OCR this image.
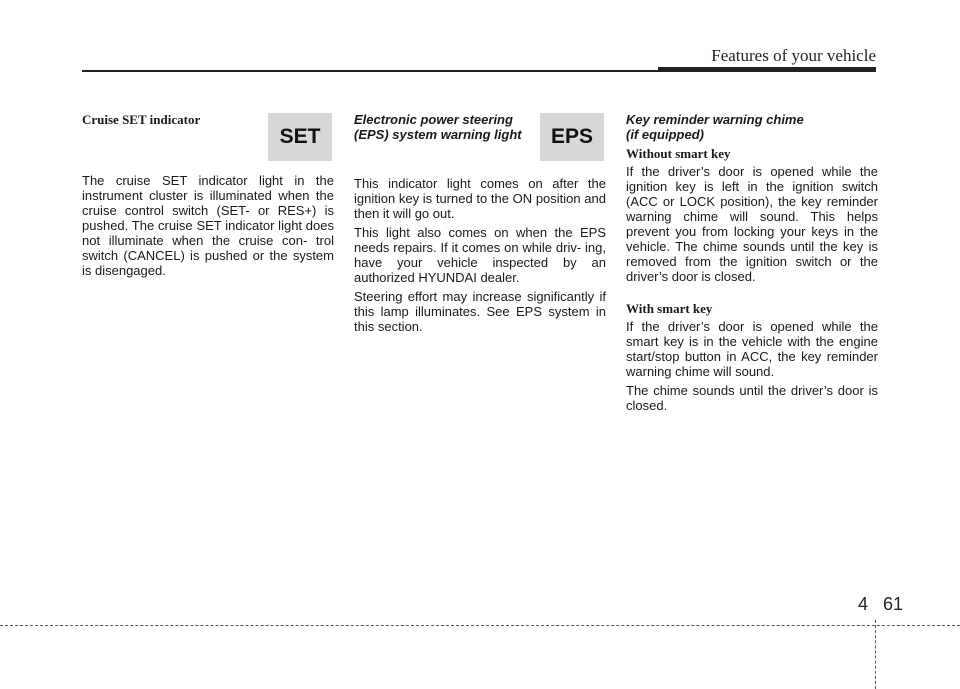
Features of your vehicle
Cruise SET indicator

The cruise SET indicator light in the instrument cluster is illuminated when the cruise control switch (SET- or RES+) is pushed. The cruise SET indicator light does not illuminate when the cruise con- trol switch (CANCEL) is pushed or the system is disengaged.

SET
Electronic power steering
(EPS) system warning light

This indicator light comes on after the ignition key is turned to the ON position and then it will go out.

This light also comes on when the EPS needs repairs. If it comes on while driv- ing, have your vehicle inspected by an authorized HYUNDAI dealer.

Steering effort may increase significantly if this lamp illuminates. See EPS system in this section.

EPS
Key reminder warning chime
(if equipped)
Without smart key

If the driver’s door is opened while the ignition key is left in the ignition switch (ACC or LOCK position), the key reminder warning chime will sound. This helps prevent you from locking your keys in the vehicle. The chime sounds until the key is removed from the ignition switch or the driver’s door is closed.

With smart key

If the driver’s door is opened while the smart key is in the vehicle with the engine start/stop button in ACC, the key reminder warning chime will sound.

The chime sounds until the driver’s door is closed.

4 61
